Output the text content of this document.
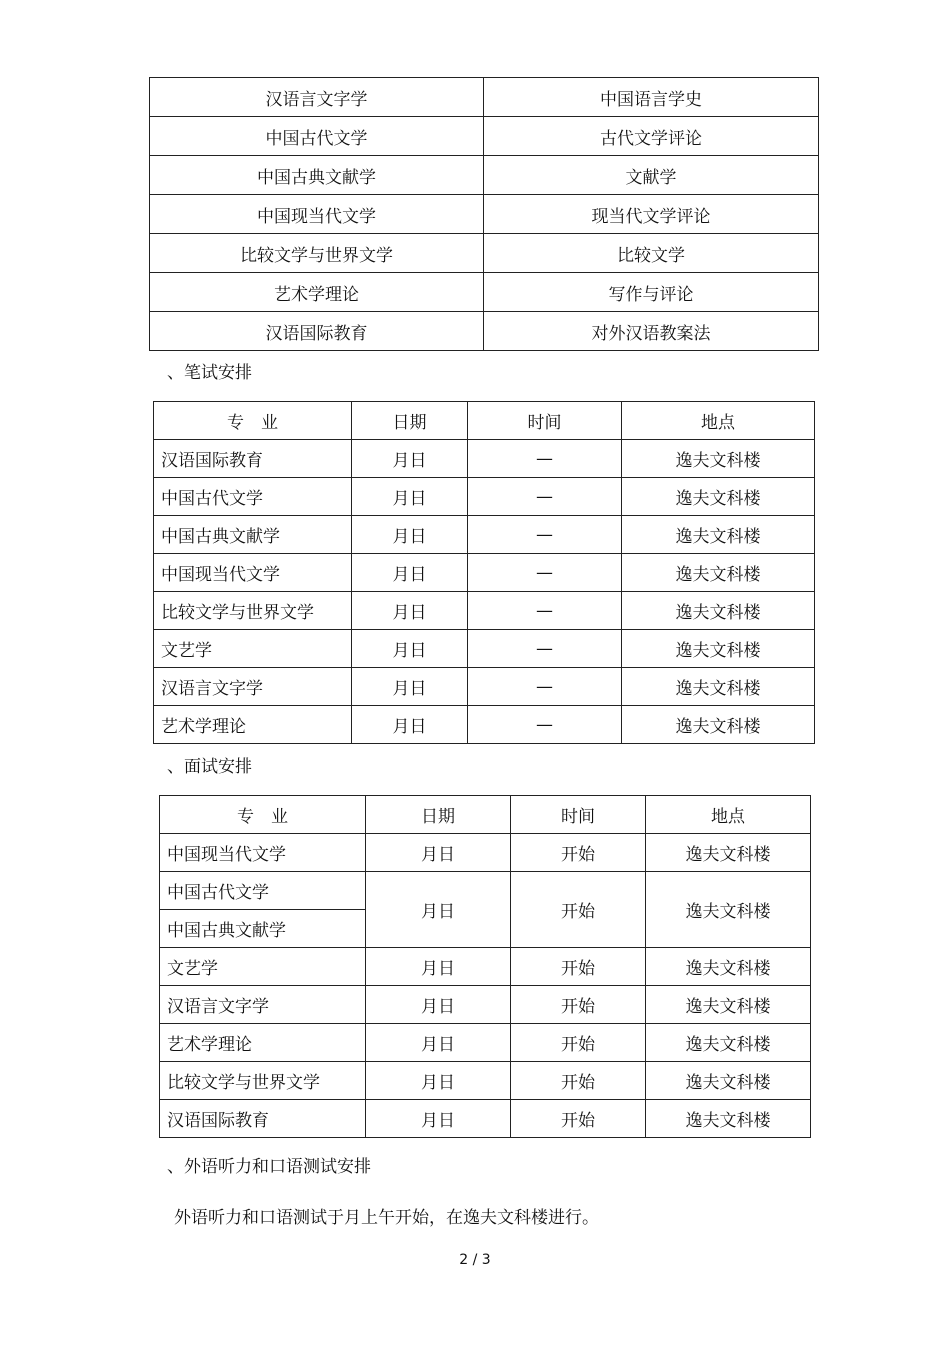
汉语言文字学	中国语言学史
中国古代文学	古代文学评论
中国古典文献学	文献学
中国现当代文学	现当代文学评论
比较文学与世界文学	比较文学
艺术学理论	写作与评论
汉语国际教育	对外汉语教案法
、笔试安排
专　业	日期	时间	地点
汉语国际教育	月日	—	逸夫文科楼
中国古代文学	月日	—	逸夫文科楼
中国古典文献学	月日	—	逸夫文科楼
中国现当代文学	月日	—	逸夫文科楼
比较文学与世界文学	月日	—	逸夫文科楼
文艺学	月日	—	逸夫文科楼
汉语言文字学	月日	—	逸夫文科楼
艺术学理论	月日	—	逸夫文科楼
、面试安排
专　业	日期	时间	地点
中国现当代文学	月日	开始	逸夫文科楼
中国古代文学	月日	开始	逸夫文科楼
中国古典文献学			
文艺学	月日	开始	逸夫文科楼
汉语言文字学	月日	开始	逸夫文科楼
艺术学理论	月日	开始	逸夫文科楼
比较文学与世界文学	月日	开始	逸夫文科楼
汉语国际教育	月日	开始	逸夫文科楼
、外语听力和口语测试安排
外语听力和口语测试于月上午开始，在逸夫文科楼进行。
2 / 3
